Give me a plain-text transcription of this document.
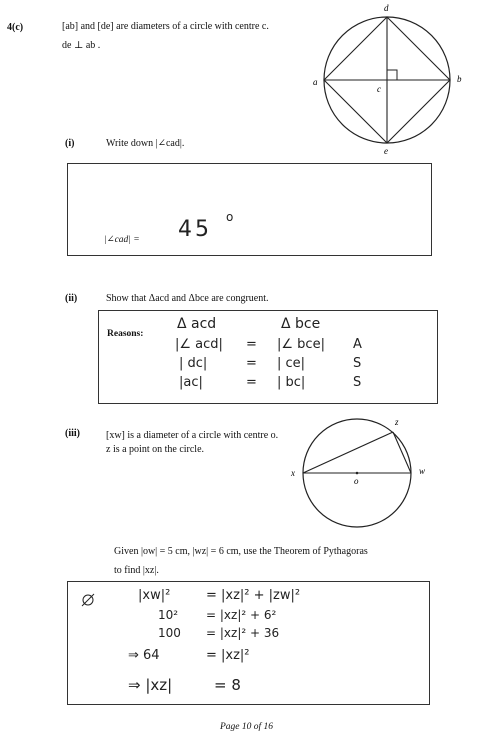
4(c)	[ab] and [de] are diameters of a circle with centre c.
de ⊥ ab .
d
a	b
c
e
(i)	Write down |∠cad|.
|∠cad| = 45 o
(ii)	Show that Δacd and Δbce are congruent.
Reasons:
Δ acd	Δ bce
|∠ acd| = |∠ bce| A
| dc|	= | ce|	S
|ac|	= | bc|	S
(iii)	[xw] is a diameter of a circle with centre o.
z is a point on the circle.
x	w
o
z
Given |ow| = 5 cm, |wz| = 6 cm, use the Theorem of Pythagoras
to find |xz|.
|xw|²	= |xz|² + |zw|²
10² = |xz|² + 6²
100 = |xz|² + 36
⇒ 64	= |xz|²
⇒ |xz|	= 8
Page 10 of 16
